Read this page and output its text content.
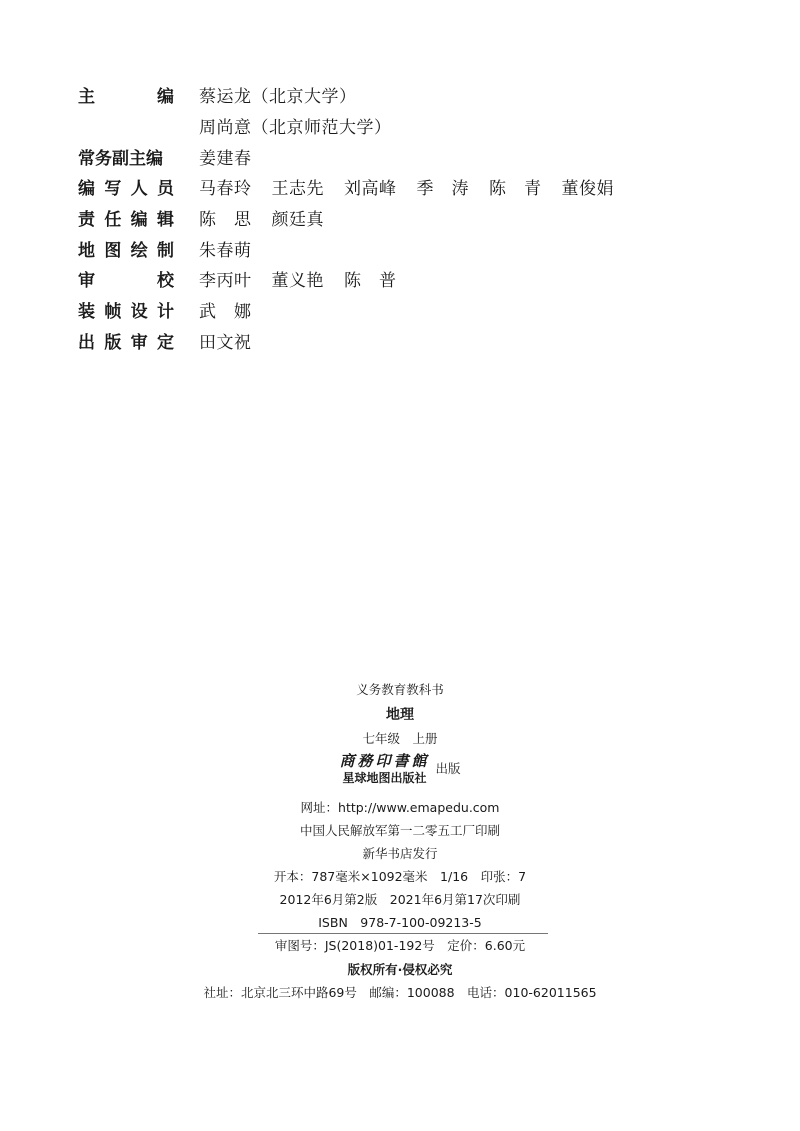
主	编 蔡运龙（北京大学）
周尚意（北京师范大学）
常务副主编 姜建春
编 写 人 员 马春玲 王志先 刘高峰 季　涛 陈　青 董俊娟
责 任 编 辑 陈　思 颜廷真
地 图 绘 制 朱春萌
审	校 李丙叶 董义艳 陈　普
装 帧 设 计 武　娜
出 版 审 定 田文祝
义务教育教科书
地理
七年级　上册
商務印書館
星球地图出版社
出版
网址：http://www.emapedu.com
中国人民解放军第一二零五工厂印刷
新华书店发行
开本：787毫米×1092毫米　1/16　印张：7
2012年6月第2版　2021年6月第17次印刷
ISBN　978-7-100-09213-5
审图号：JS(2018)01-192号　定价：6.60元
版权所有·侵权必究
社址：北京北三环中路69号　邮编：100088　电话：010-62011565
